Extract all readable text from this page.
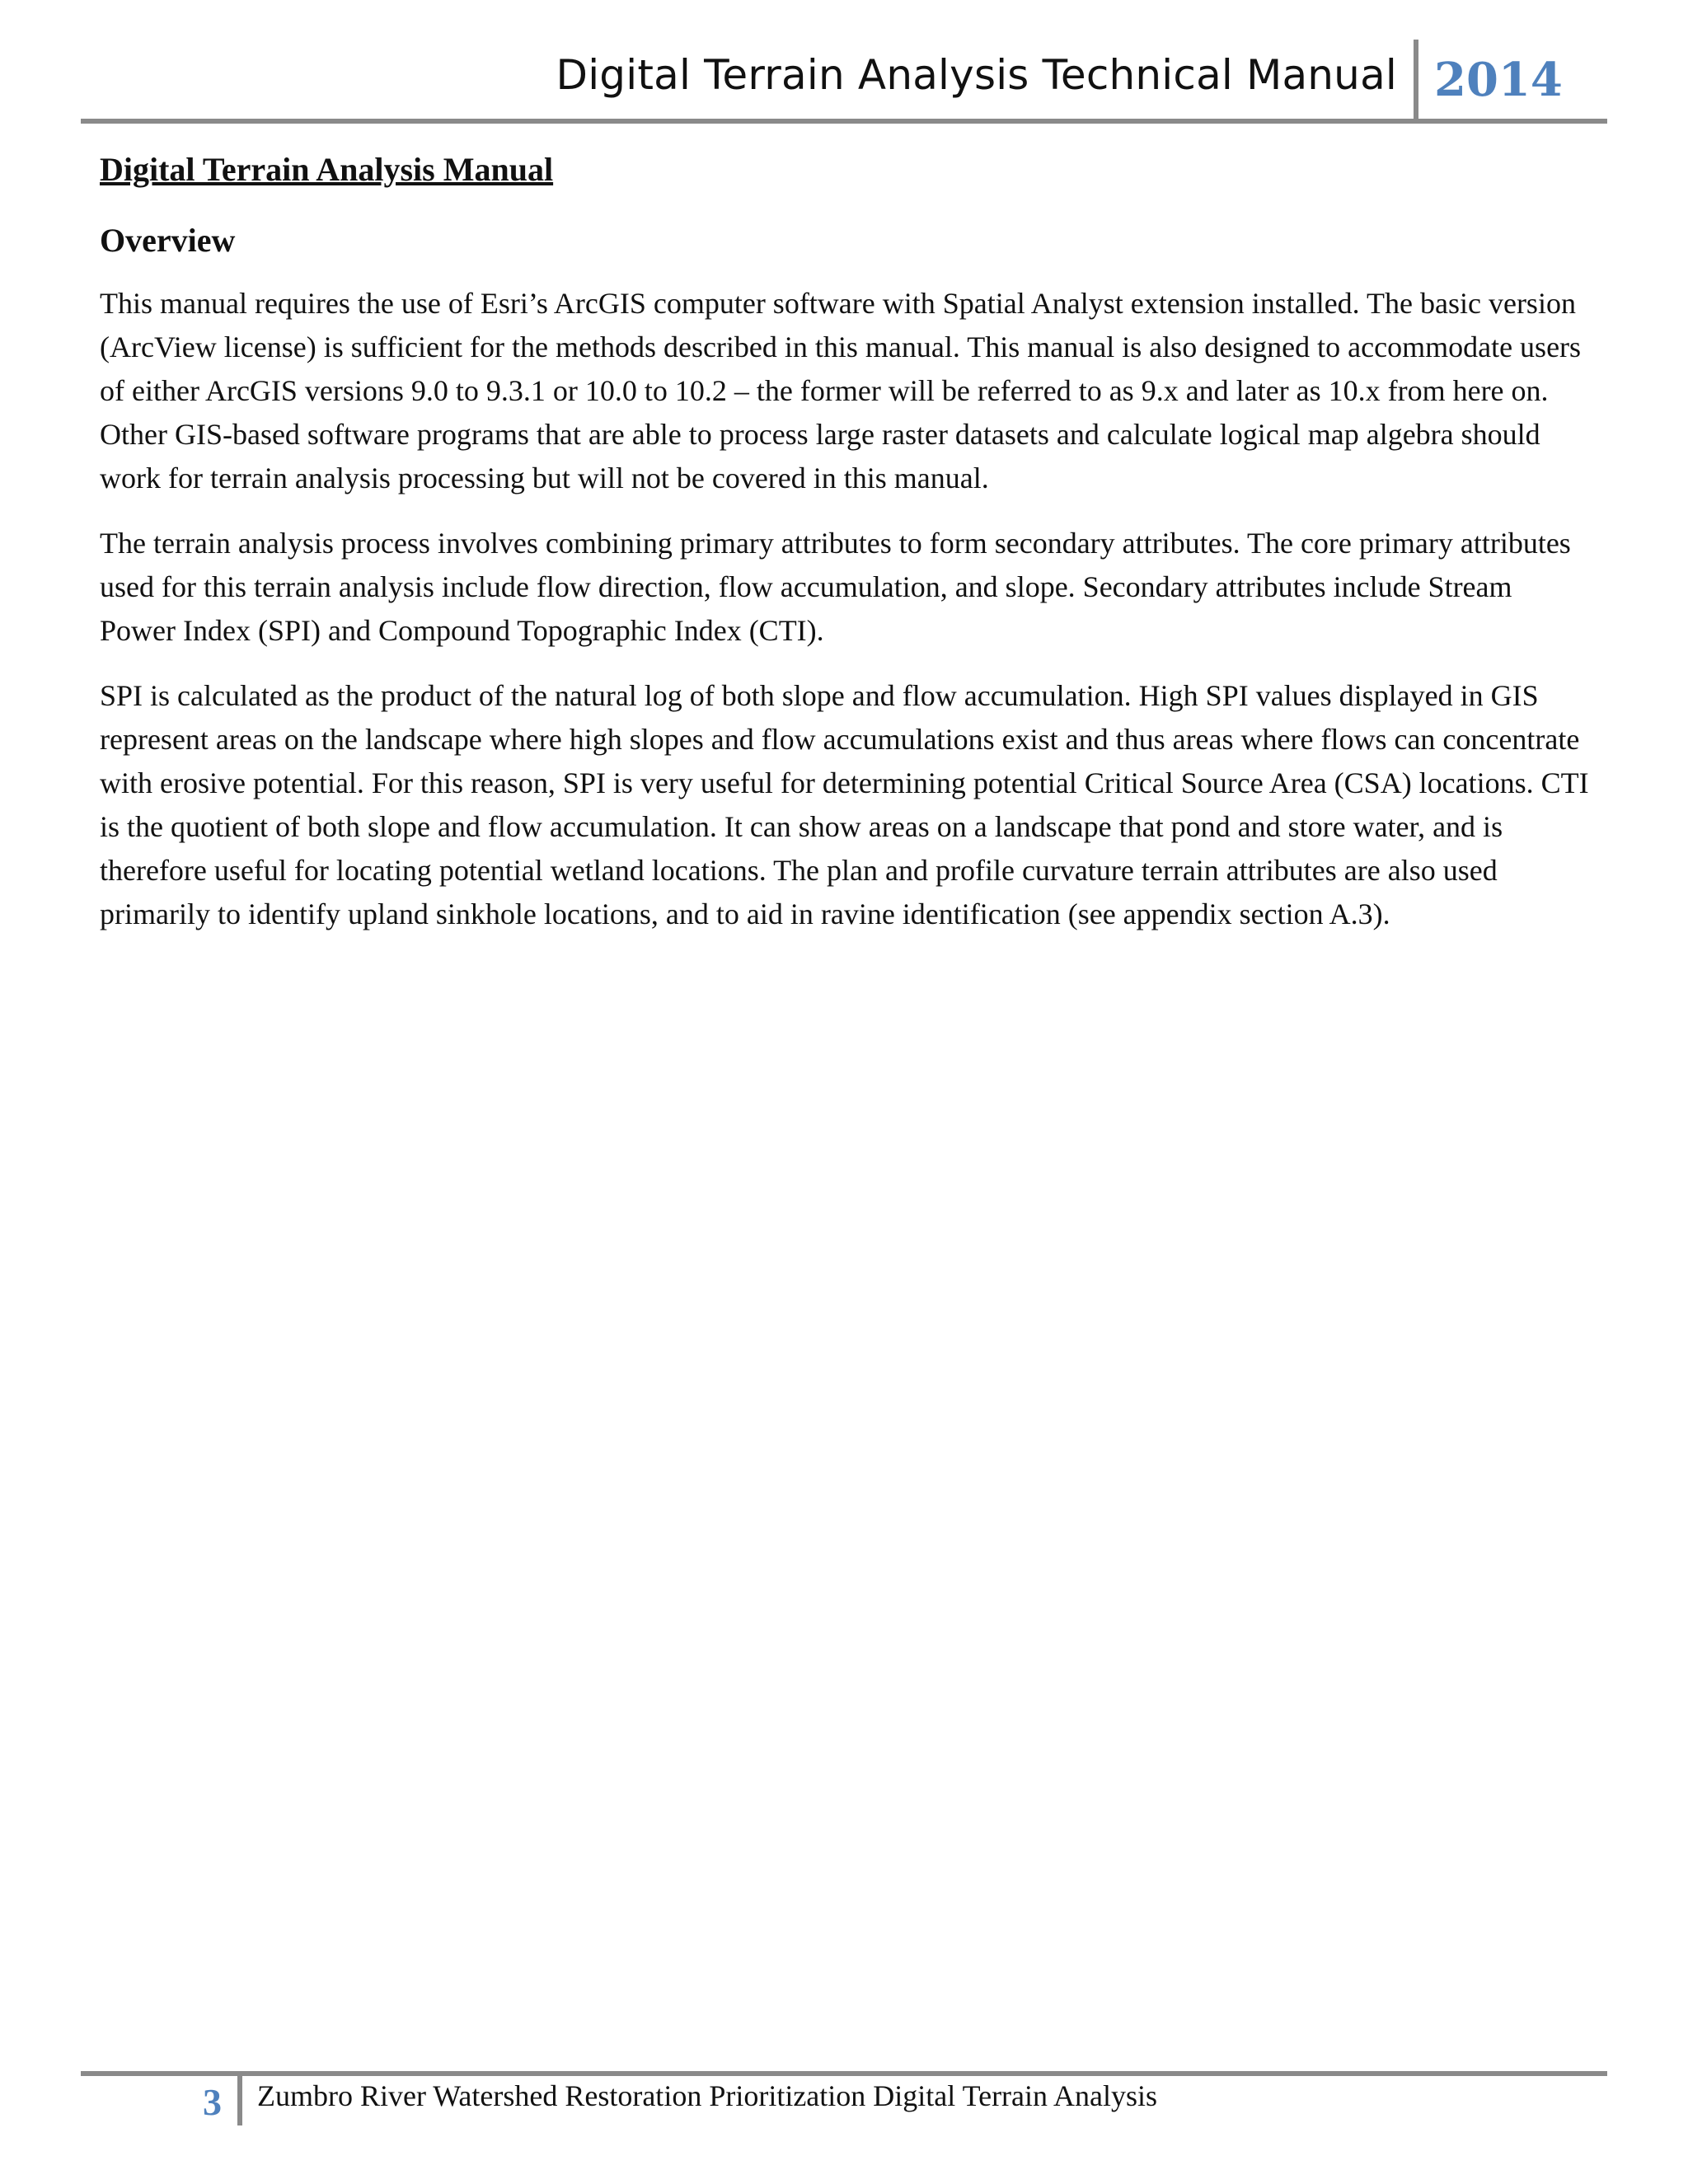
Digital Terrain Analysis Technical Manual 2014
Digital Terrain Analysis Manual
Overview

This manual requires the use of Esri’s ArcGIS computer software with Spatial Analyst extension installed. The basic version (ArcView license) is sufficient for the methods described in this manual. This manual is also designed to accommodate users of either ArcGIS versions 9.0 to 9.3.1 or 10.0 to 10.2 – the former will be referred to as 9.x and later as 10.x from here on. Other GIS-based software programs that are able to process large raster datasets and calculate logical map algebra should work for terrain analysis processing but will not be covered in this manual.

The terrain analysis process involves combining primary attributes to form secondary attributes. The core primary attributes used for this terrain analysis include flow direction, flow accumulation, and slope. Secondary attributes include Stream Power Index (SPI) and Compound Topographic Index (CTI).

SPI is calculated as the product of the natural log of both slope and flow accumulation. High SPI values displayed in GIS represent areas on the landscape where high slopes and flow accumulations exist and thus areas where flows can concentrate with erosive potential. For this reason, SPI is very useful for determining potential Critical Source Area (CSA) locations. CTI is the quotient of both slope and flow accumulation. It can show areas on a landscape that pond and store water, and is therefore useful for locating potential wetland locations. The plan and profile curvature terrain attributes are also used primarily to identify upland sinkhole locations, and to aid in ravine identification (see appendix section A.3).

3 Zumbro River Watershed Restoration Prioritization Digital Terrain Analysis
